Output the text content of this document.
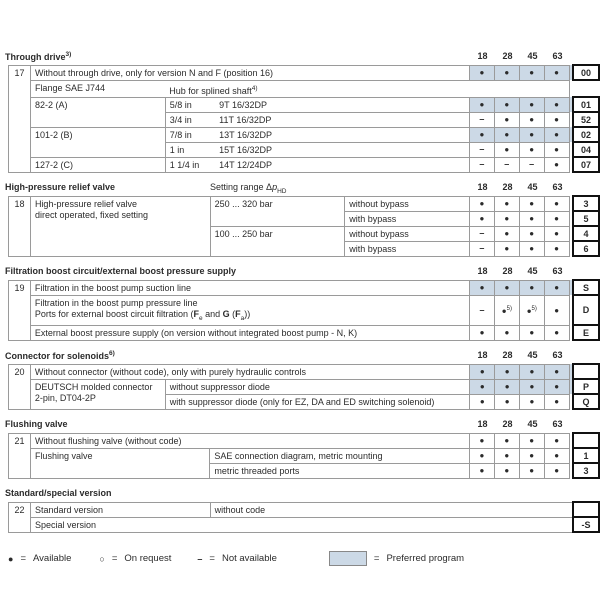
Through drive$^{3)}$	18	28	45	63
17	Without through drive, only for version N and F (position 16)			●	●	●	●		00

	Flange SAE J744	Hub for splined shaft$^{4)}$

	82-2 (A)	5/8 in	9T 16/32DP	●	●	●	●		01

		3/4 in	11T 16/32DP	–	●	●	●		52

	101-2 (B)	7/8 in	13T 16/32DP	●	●	●	●		02

		1 in	15T 16/32DP	–	●	●	●		04

	127-2 (C)	1 1/4 in	14T 12/24DP	–	–	–	●		07
High-pressure relief valve	Setting range $\Delta p_{HD}$	18	28	45	63
18	High-pressure relief valve
direct operated, fixed setting	250 ... 320 bar	without bypass	●	●	●	●		3

			with bypass	●	●	●	●		5

		100 ... 250 bar	without bypass	–	●	●	●		4

			with bypass	–	●	●	●		6
Filtration boost circuit/external boost pressure supply	18	28	45	63
19	Filtration in the boost pump suction line	●	●	●	●		S

	Filtration in the boost pump pressure line
Ports for external boost circuit filtration ($F_e$ and G $(F_a)$)	–	●$^{5)}$	●$^{5)}$	●		D

	External boost pressure supply (on version without integrated boost pump - N, K)	●	●	●	●		E
Connector for solenoids$^{6)}$	18	28	45	63
20	Without connector (without code), only with purely hydraulic controls		●	●	●	●		

	DEUTSCH molded connector
2-pin, DT04-2P	without suppressor diode	●	●	●	●		P

		with suppressor diode (only for EZ, DA and ED switching solenoid)	●	●	●	●		Q
Flushing valve	18	28	45	63
21	Without flushing valve (without code)		●	●	●	●		

	Flushing valve	SAE connection diagram, metric mounting	●	●	●	●		1

		metric threaded ports	●	●	●	●		3
Standard/special version
22	Standard version	without code	

	Special version		-S
● = Available	○ = On request	– = Not available	= Preferred program
